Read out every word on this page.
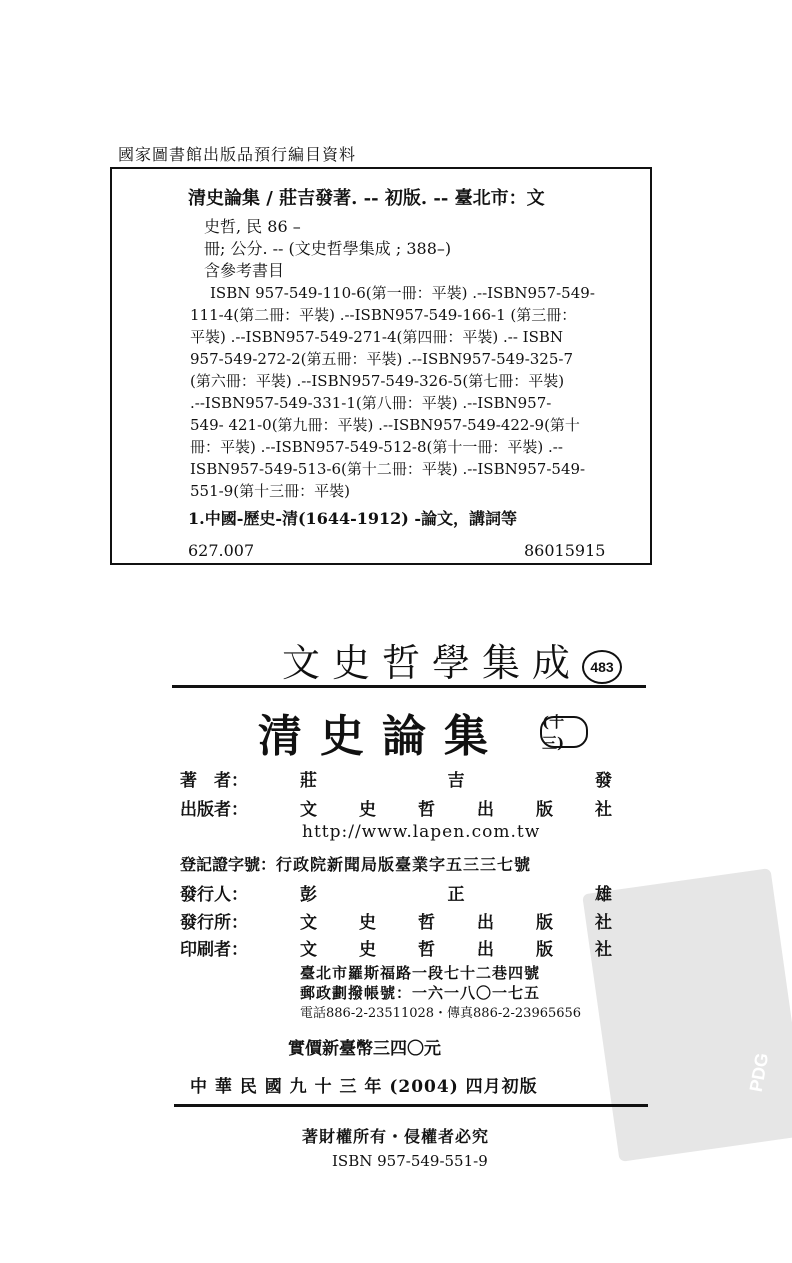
PDG
國家圖書館出版品預行編目資料
清史論集 / 莊吉發著. -- 初版. -- 臺北市：文
史哲, 民 86 –
冊; 公分. -- (文史哲學集成 ; 388–)
含參考書目
ISBN 957-549-110-6(第一冊：平裝) .--ISBN957-549-
111-4(第二冊：平裝) .--ISBN957-549-166-1 (第三冊：
平裝) .--ISBN957-549-271-4(第四冊：平裝) .-- ISBN
957-549-272-2(第五冊：平裝) .--ISBN957-549-325-7
(第六冊：平裝) .--ISBN957-549-326-5(第七冊：平裝)
.--ISBN957-549-331-1(第八冊：平裝) .--ISBN957-
549- 421-0(第九冊：平裝) .--ISBN957-549-422-9(第十
冊：平裝) .--ISBN957-549-512-8(第十一冊：平裝) .--
ISBN957-549-513-6(第十二冊：平裝) .--ISBN957-549-
551-9(第十三冊：平裝)
1.中國-歷史-清(1644-1912) -論文，講詞等
627.007	86015915
文史哲學集成 483
清史論集 (十三)
著　者：	莊	吉	發
出版者：	文 史 哲 出 版 社
http://www.lapen.com.tw
登記證字號：行政院新聞局版臺業字五三三七號
發行人：	彭	正	雄
發行所：	文 史 哲 出 版 社
印刷者：	文 史 哲 出 版 社
臺北市羅斯福路一段七十二巷四號
郵政劃撥帳號：一六一八〇一七五
電話886-2-23511028・傳真886-2-23965656
實價新臺幣三四〇元
中 華 民 國 九 十 三 年 (2004) 四月初版
著財權所有・侵權者必究
ISBN 957-549-551-9
